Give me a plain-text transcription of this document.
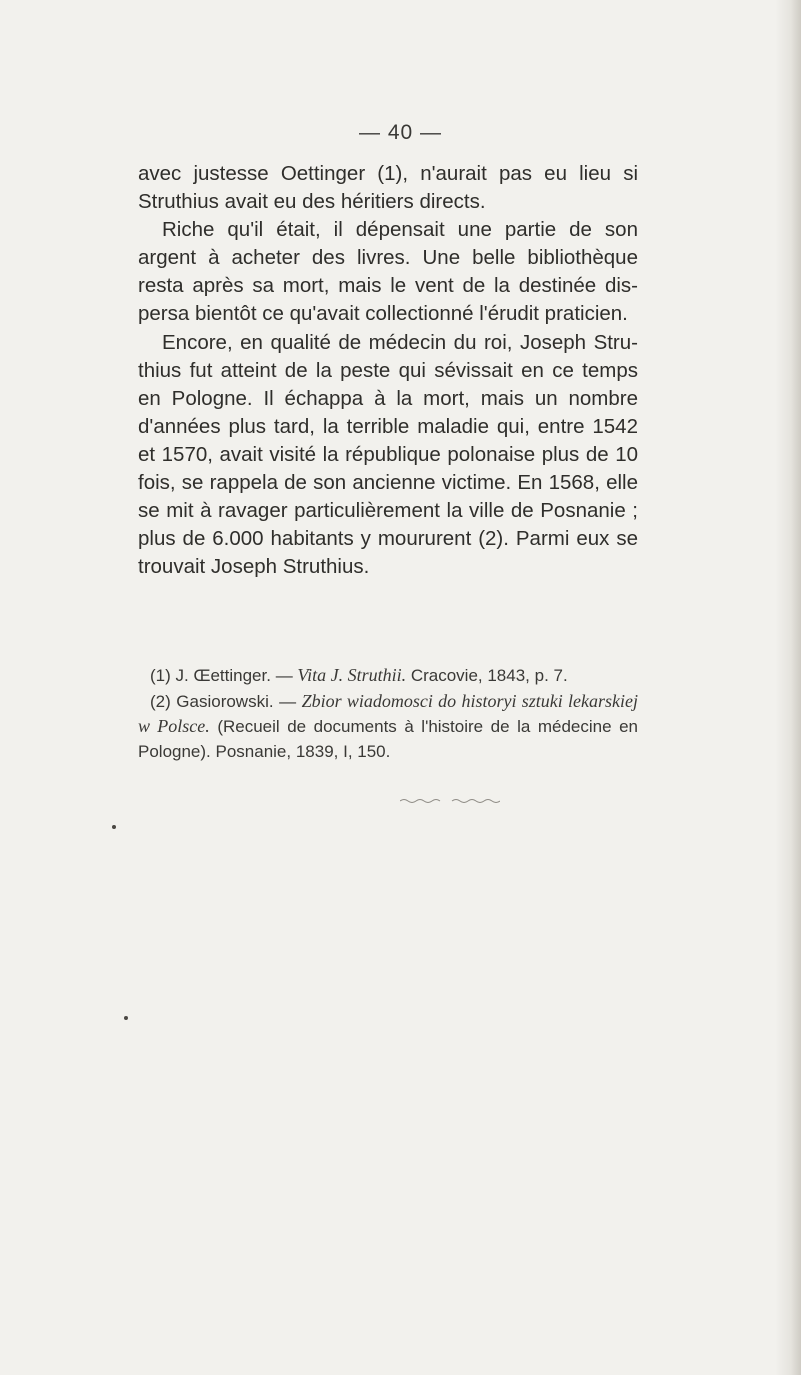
— 40 —

avec justesse Oettinger (1), n'aurait pas eu lieu si Struthius avait eu des héritiers directs.

Riche qu'il était, il dépensait une partie de son argent à acheter des livres. Une belle bibliothèque resta après sa mort, mais le vent de la destinée dispersa bientôt ce qu'avait collectionné l'érudit praticien.

Encore, en qualité de médecin du roi, Joseph Struthius fut atteint de la peste qui sévissait en ce temps en Pologne. Il échappa à la mort, mais un nombre d'années plus tard, la terrible maladie qui, entre 1542 et 1570, avait visité la république polonaise plus de 10 fois, se rappela de son ancienne victime. En 1568, elle se mit à ravager particulièrement la ville de Posnanie ; plus de 6.000 habitants y moururent (2). Parmi eux se trouvait Joseph Struthius.

(1) J. Œettinger. — Vita J. Struthii. Cracovie, 1843, p. 7.

(2) Gasiorowski. — Zbior wiadomosci do historyi sztuki lekarskiej w Polsce. (Recueil de documents à l'histoire de la médecine en Pologne). Posnanie, 1839, I, 150.
